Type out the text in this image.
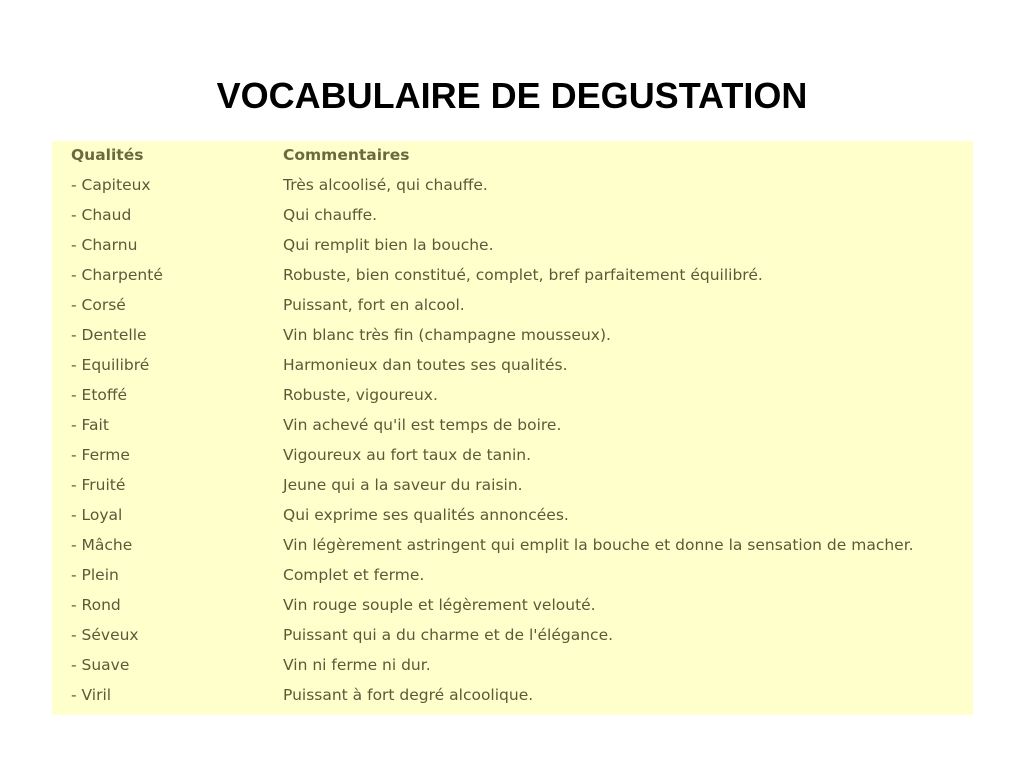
VOCABULAIRE DE DEGUSTATION
Qualités	Commentaires
- Capiteux	Très alcoolisé, qui chauffe.
- Chaud	Qui chauffe.
- Charnu	Qui remplit bien la bouche.
- Charpenté	Robuste, bien constitué, complet, bref parfaitement équilibré.
- Corsé	Puissant, fort en alcool.
- Dentelle	Vin blanc très fin (champagne mousseux).
- Equilibré	Harmonieux dan toutes ses qualités.
- Etoffé	Robuste, vigoureux.
- Fait	Vin achevé qu'il est temps de boire.
- Ferme	Vigoureux au fort taux de tanin.
- Fruité	Jeune qui a la saveur du raisin.
- Loyal	Qui exprime ses qualités annoncées.
- Mâche	Vin légèrement astringent qui emplit la bouche et donne la sensation de macher.
- Plein	Complet et ferme.
- Rond	Vin rouge souple et légèrement velouté.
- Séveux	Puissant qui a du charme et de l'élégance.
- Suave	Vin ni ferme ni dur.
- Viril	Puissant à fort degré alcoolique.
